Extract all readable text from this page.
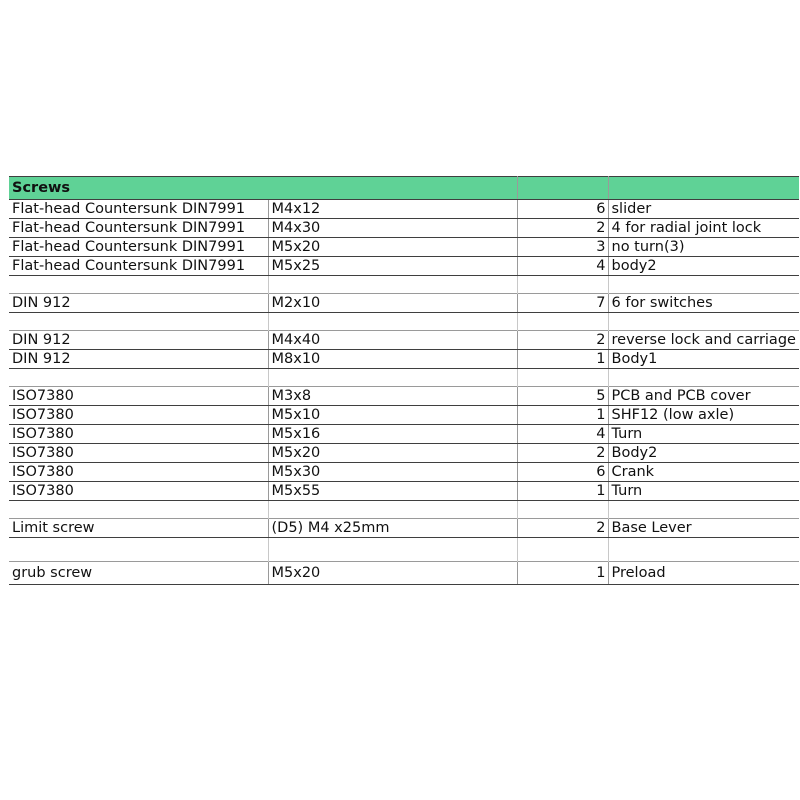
Screws			
Flat-head Countersunk DIN7991	M4x12	6	slider
Flat-head Countersunk DIN7991	M4x30	2	4 for radial joint lock
Flat-head Countersunk DIN7991	M5x20	3	no turn(3)
Flat-head Countersunk DIN7991	M5x25	4	body2

DIN 912	M2x10	7	6 for switches

DIN 912	M4x40	2	reverse lock and carriage
DIN 912	M8x10	1	Body1

ISO7380	M3x8	5	PCB and PCB cover
ISO7380	M5x10	1	SHF12 (low axle)
ISO7380	M5x16	4	Turn
ISO7380	M5x20	2	Body2
ISO7380	M5x30	6	Crank
ISO7380	M5x55	1	Turn

Limit screw	(D5) M4 x25mm	2	Base Lever

grub screw	M5x20	1	Preload
